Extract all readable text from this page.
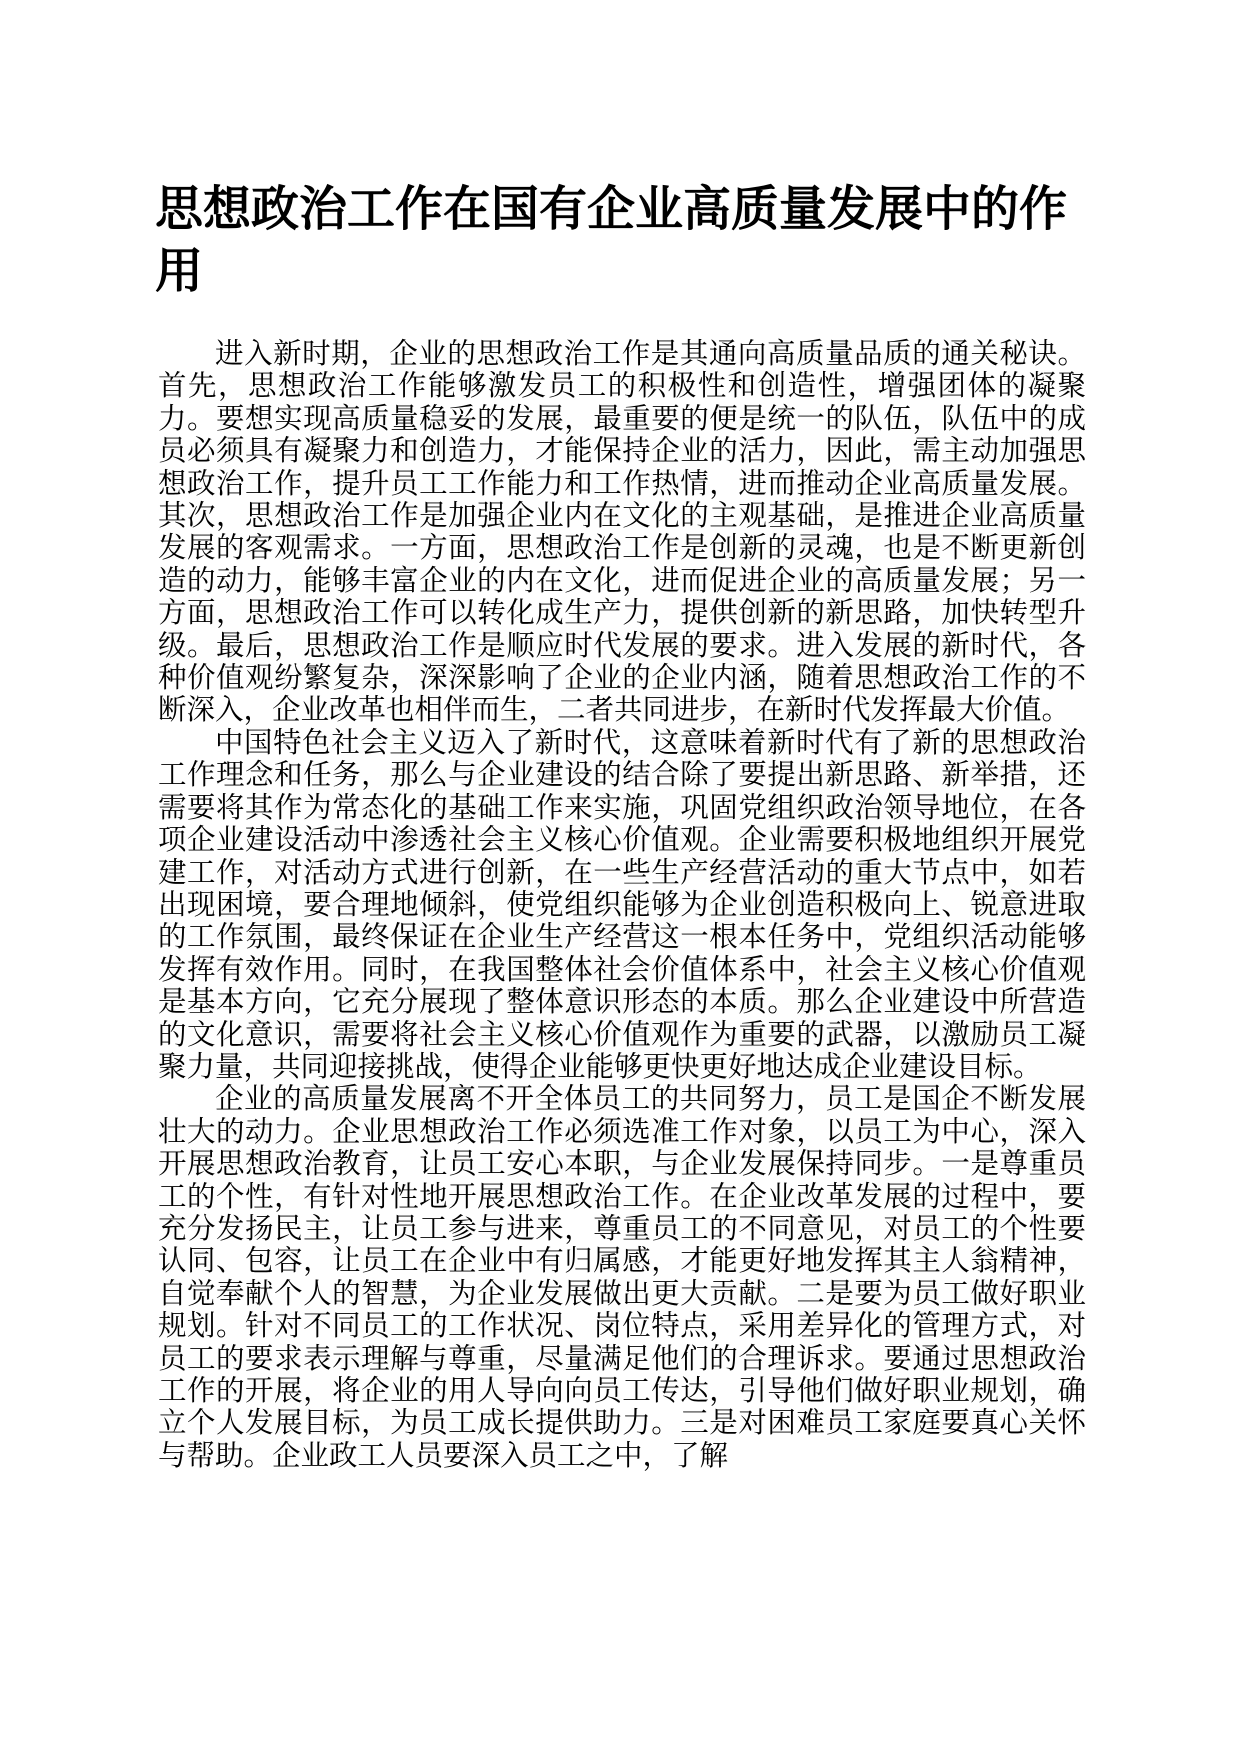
思想政治工作在国有企业高质量发展中的作用

进入新时期，企业的思想政治工作是其通向高质量品质的通关秘诀。首先，思想政治工作能够激发员工的积极性和创造性，增强团体的凝聚力。要想实现高质量稳妥的发展，最重要的便是统一的队伍，队伍中的成员必须具有凝聚力和创造力，才能保持企业的活力，因此，需主动加强思想政治工作，提升员工工作能力和工作热情，进而推动企业高质量发展。其次，思想政治工作是加强企业内在文化的主观基础，是推进企业高质量发展的客观需求。一方面，思想政治工作是创新的灵魂，也是不断更新创造的动力，能够丰富企业的内在文化，进而促进企业的高质量发展；另一方面，思想政治工作可以转化成生产力，提供创新的新思路，加快转型升级。最后，思想政治工作是顺应时代发展的要求。进入发展的新时代，各种价值观纷繁复杂，深深影响了企业的企业内涵，随着思想政治工作的不断深入，企业改革也相伴而生，二者共同进步，在新时代发挥最大价值。

中国特色社会主义迈入了新时代，这意味着新时代有了新的思想政治工作理念和任务，那么与企业建设的结合除了要提出新思路、新举措，还需要将其作为常态化的基础工作来实施，巩固党组织政治领导地位，在各项企业建设活动中渗透社会主义核心价值观。企业需要积极地组织开展党建工作，对活动方式进行创新，在一些生产经营活动的重大节点中，如若出现困境，要合理地倾斜，使党组织能够为企业创造积极向上、锐意进取的工作氛围，最终保证在企业生产经营这一根本任务中，党组织活动能够发挥有效作用。同时，在我国整体社会价值体系中，社会主义核心价值观是基本方向，它充分展现了整体意识形态的本质。那么企业建设中所营造的文化意识，需要将社会主义核心价值观作为重要的武器，以激励员工凝聚力量，共同迎接挑战，使得企业能够更快更好地达成企业建设目标。

企业的高质量发展离不开全体员工的共同努力，员工是国企不断发展壮大的动力。企业思想政治工作必须选准工作对象，以员工为中心，深入开展思想政治教育，让员工安心本职，与企业发展保持同步。一是尊重员工的个性，有针对性地开展思想政治工作。在企业改革发展的过程中，要充分发扬民主，让员工参与进来，尊重员工的不同意见，对员工的个性要认同、包容，让员工在企业中有归属感，才能更好地发挥其主人翁精神，自觉奉献个人的智慧，为企业发展做出更大贡献。二是要为员工做好职业规划。针对不同员工的工作状况、岗位特点，采用差异化的管理方式，对员工的要求表示理解与尊重，尽量满足他们的合理诉求。要通过思想政治工作的开展，将企业的用人导向向员工传达，引导他们做好职业规划，确立个人发展目标，为员工成长提供助力。三是对困难员工家庭要真心关怀与帮助。企业政工人员要深入员工之中，了解
